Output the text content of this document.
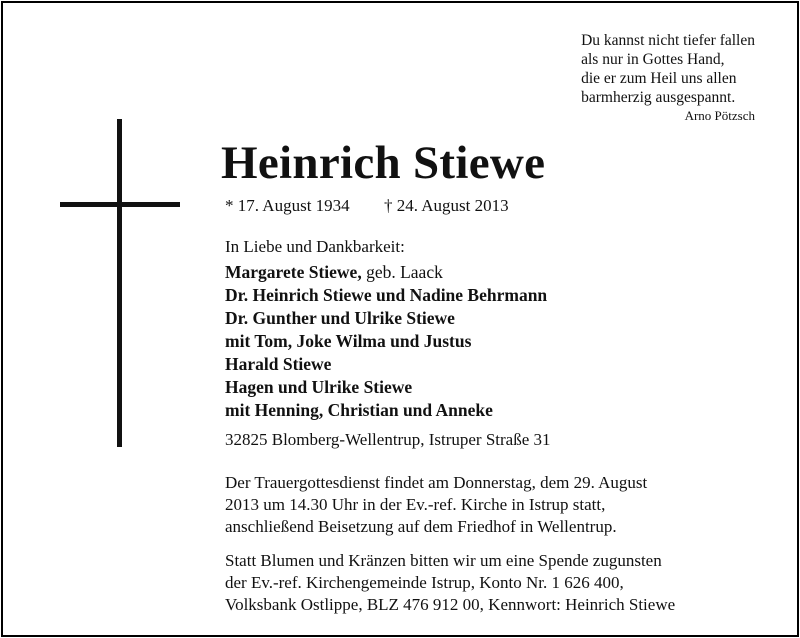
Du kannst nicht tiefer fallen
als nur in Gottes Hand,
die er zum Heil uns allen
barmherzig ausgespannt.
Arno Pötzsch
Heinrich Stiewe
* 17. August 1934 † 24. August 2013
In Liebe und Dankbarkeit:
Margarete Stiewe, geb. Laack
Dr. Heinrich Stiewe und Nadine Behrmann
Dr. Gunther und Ulrike Stiewe
mit Tom, Joke Wilma und Justus
Harald Stiewe
Hagen und Ulrike Stiewe
mit Henning, Christian und Anneke
32825 Blomberg-Wellentrup, Istruper Straße 31
Der Trauergottesdienst findet am Donnerstag, dem 29. August
2013 um 14.30 Uhr in der Ev.-ref. Kirche in Istrup statt,
anschließend Beisetzung auf dem Friedhof in Wellentrup.
Statt Blumen und Kränzen bitten wir um eine Spende zugunsten
der Ev.-ref. Kirchengemeinde Istrup, Konto Nr. 1 626 400,
Volksbank Ostlippe, BLZ 476 912 00, Kennwort: Heinrich Stiewe
